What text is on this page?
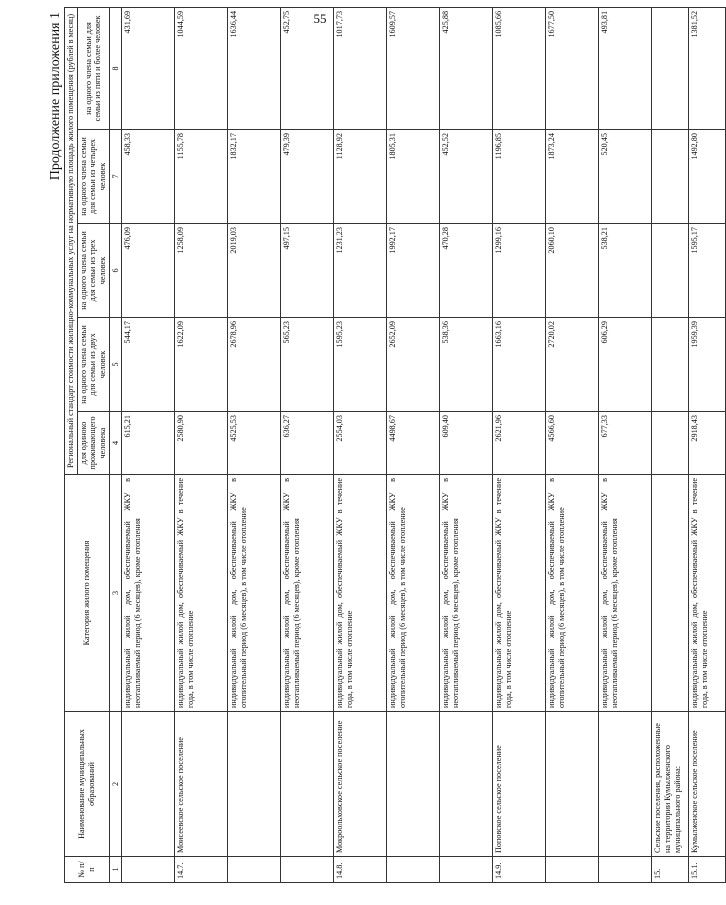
55
Продолжение приложения 1
№ п/п	Наименование муниципальных образований	Категория жилого помещения	Региональный стандарт стоимости жилищно-коммунальных услуг на нормативную площадь жилого помещения (рублей в месяц)				
			для одиноко проживающего человека	на одного члена семьи для семьи из двух человек	на одного члена семьи для семьи из трех человек	на одного члена семьи для семьи из четырех человек	на одного члена семьи для семьи из пяти и более человек
1	2	3	4	5	6	7	8
		индивидуальный жилой дом, обеспечиваемый ЖКУ в неотапливаемый период (6 месяцев), кроме отопления	615,21	544,17	476,09	458,33	431,69
14.7.	Моисеевское сельское поселение	индивидуальный жилой дом, обеспечиваемый ЖКУ в течение года, в том числе отопление	2580,90	1622,09	1258,09	1155,78	1044,59
		индивидуальный жилой дом, обеспечиваемый ЖКУ в отопительный период (6 месяцев), в том числе отопление	4525,53	2678,96	2019,03	1832,17	1636,44
		индивидуальный жилой дом, обеспечиваемый ЖКУ в неотапливаемый период (6 месяцев), кроме отопления	636,27	565,23	497,15	479,39	452,75
14.8.	Мокроольховское сельское поселение	индивидуальный жилой дом, обеспечиваемый ЖКУ в течение года, в том числе отопление	2554,03	1595,23	1231,23	1128,92	1017,73
		индивидуальный жилой дом, обеспечиваемый ЖКУ в отопительный период (6 месяцев), в том числе отопление	4498,67	2652,09	1992,17	1805,31	1609,57
		индивидуальный жилой дом, обеспечиваемый ЖКУ в неотапливаемый период (6 месяцев), кроме отопления	609,40	538,36	470,28	452,52	425,88
14.9.	Поповское сельское поселение	индивидуальный жилой дом, обеспечиваемый ЖКУ в течение года, в том числе отопление	2621,96	1663,16	1299,16	1196,85	1085,66
		индивидуальный жилой дом, обеспечиваемый ЖКУ в отопительный период (6 месяцев), в том числе отопление	4566,60	2720,02	2060,10	1873,24	1677,50
		индивидуальный жилой дом, обеспечиваемый ЖКУ в неотапливаемый период (6 месяцев), кроме отопления	677,33	606,29	538,21	520,45	493,81
15.	Сельские поселения, расположенные на территории Кумылженского муниципального района:						
15.1.	Кумылженское сельское поселение	индивидуальный жилой дом, обеспечиваемый ЖКУ в течение года, в том числе отопление	2918,43	1959,39	1595,17	1492,80	1381,52
